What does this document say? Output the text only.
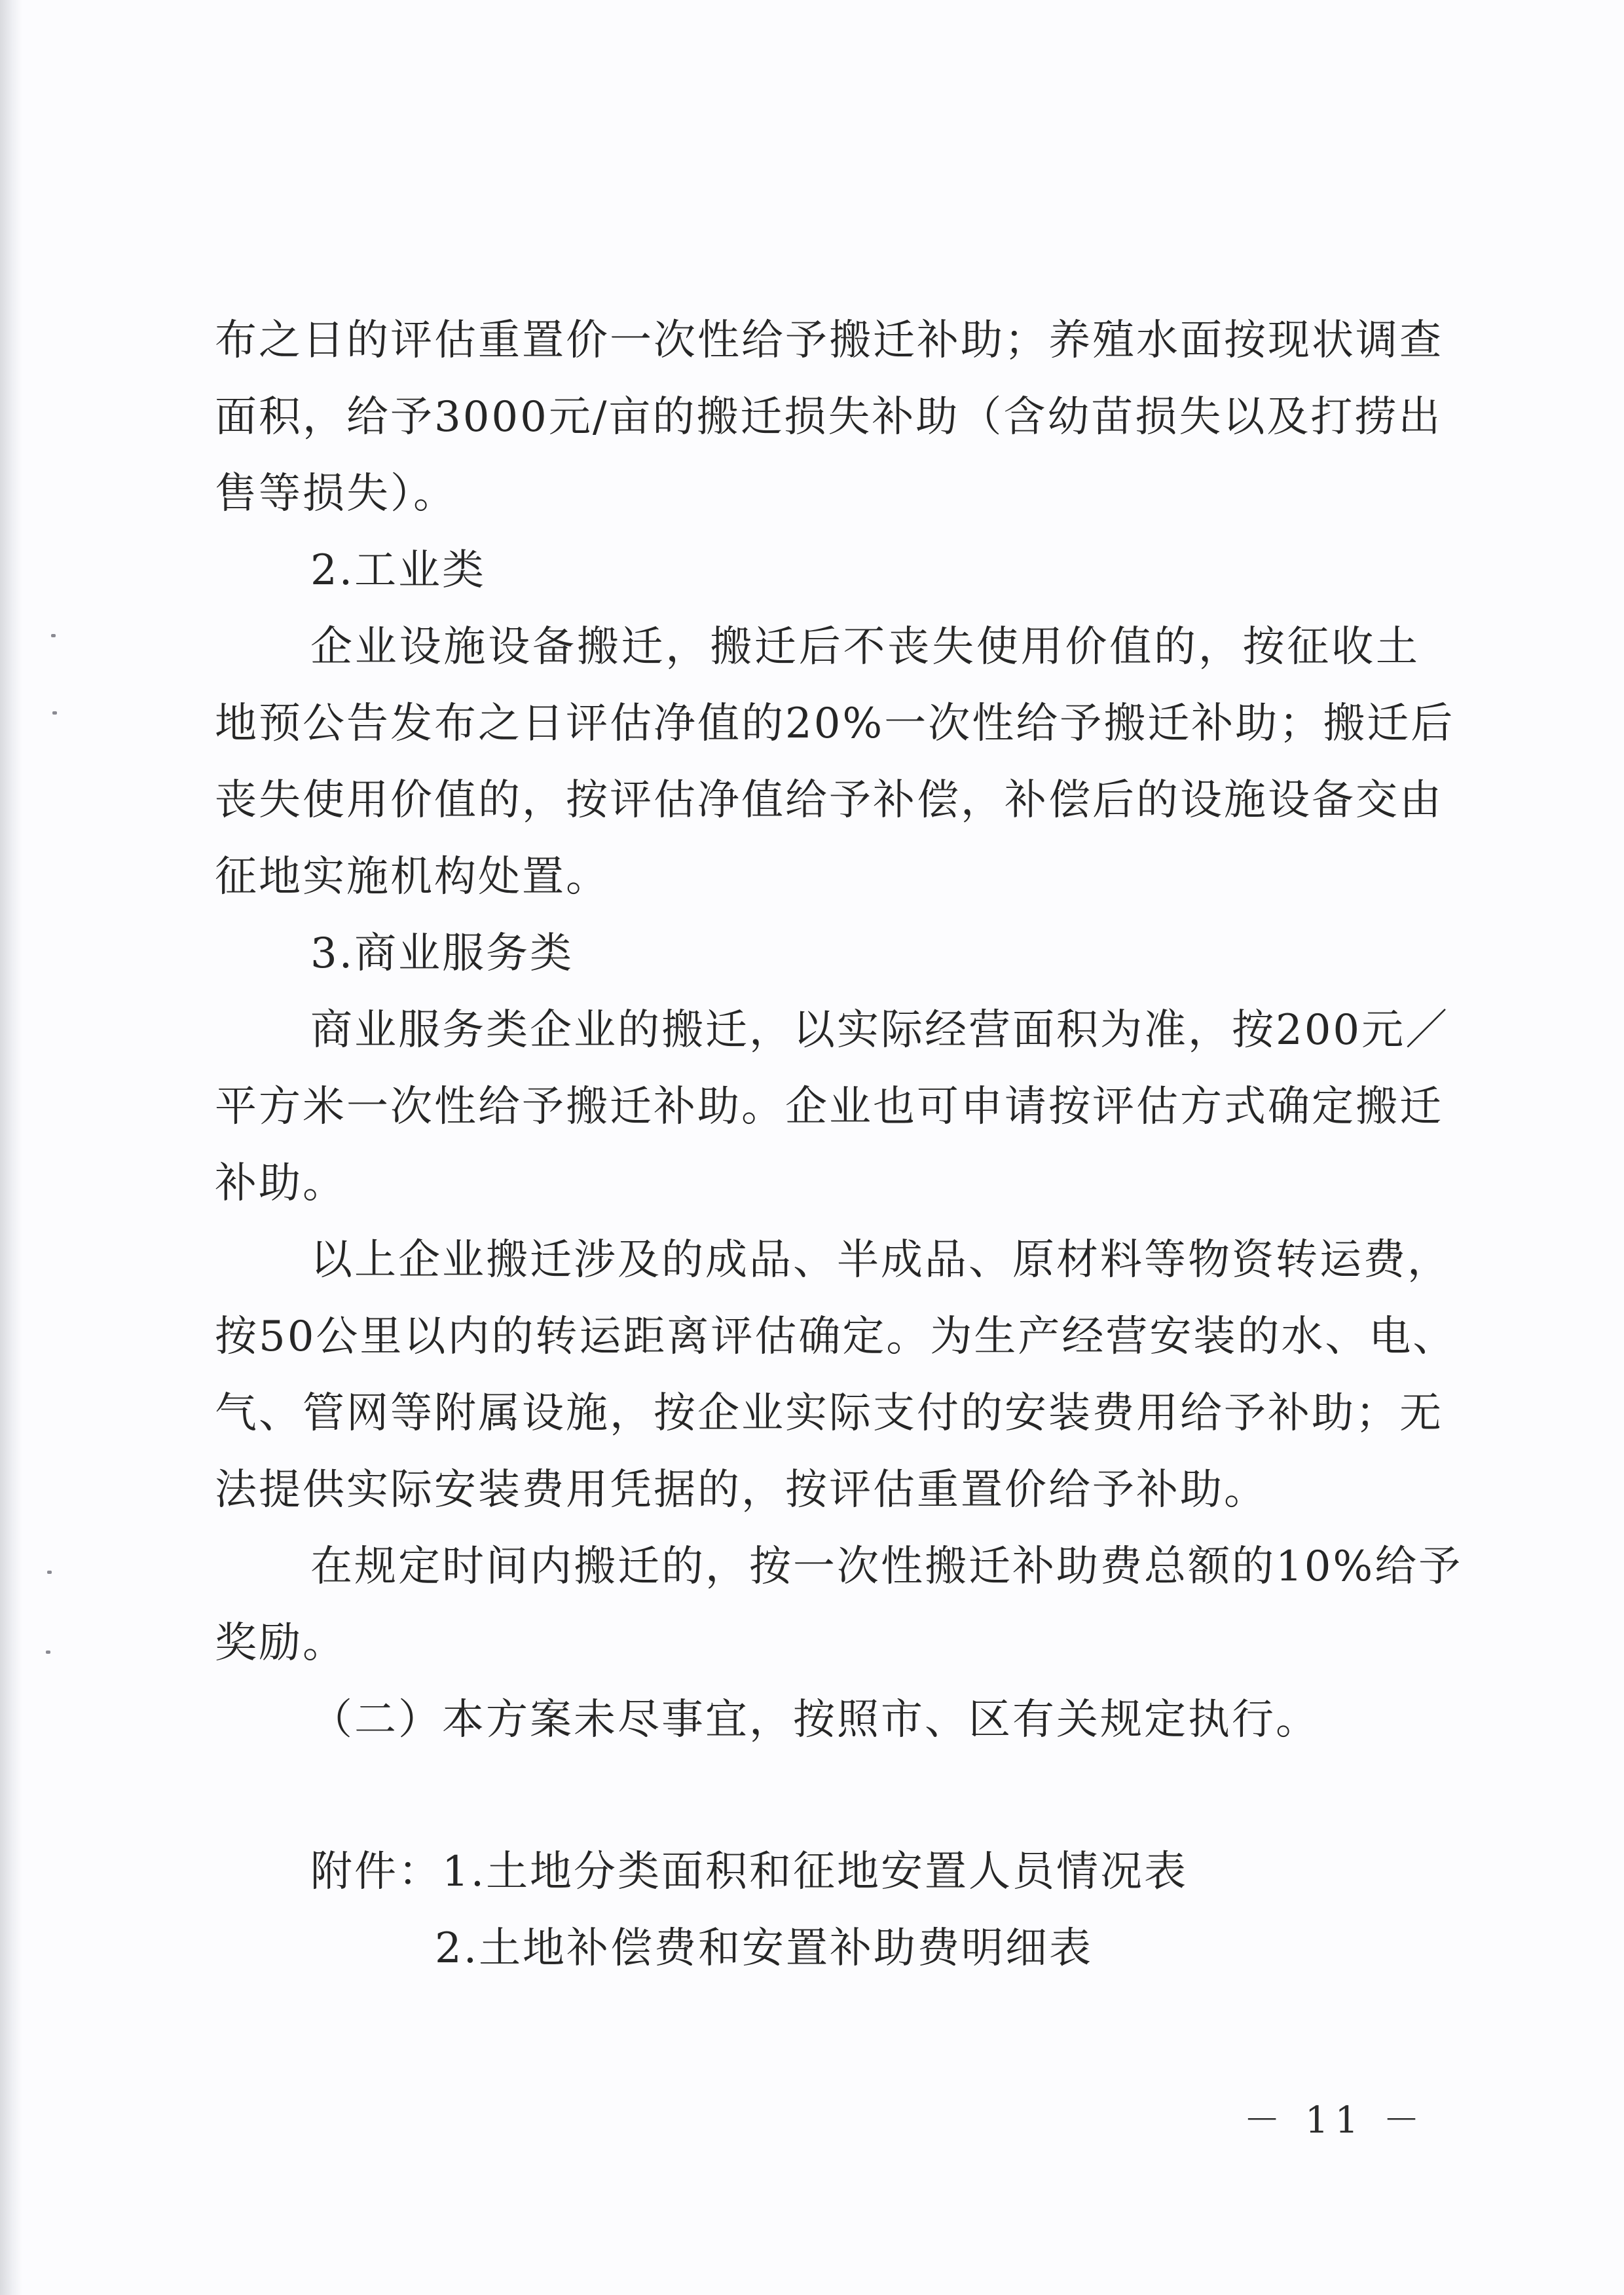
布之日的评估重置价一次性给予搬迁补助；养殖水面按现状调查
面积，给予3000元/亩的搬迁损失补助（含幼苗损失以及打捞出
售等损失）。
2.工业类
企业设施设备搬迁，搬迁后不丧失使用价值的，按征收土
地预公告发布之日评估净值的20%一次性给予搬迁补助；搬迁后
丧失使用价值的，按评估净值给予补偿，补偿后的设施设备交由
征地实施机构处置。
3.商业服务类
商业服务类企业的搬迁，以实际经营面积为准，按200元／
平方米一次性给予搬迁补助。企业也可申请按评估方式确定搬迁
补助。
以上企业搬迁涉及的成品、半成品、原材料等物资转运费，
按50公里以内的转运距离评估确定。为生产经营安装的水、电、
气、管网等附属设施，按企业实际支付的安装费用给予补助；无
法提供实际安装费用凭据的，按评估重置价给予补助。
在规定时间内搬迁的，按一次性搬迁补助费总额的10%给予
奖励。
（二）本方案未尽事宜，按照市、区有关规定执行。
附件：1.土地分类面积和征地安置人员情况表
2.土地补偿费和安置补助费明细表
－ 11 －
